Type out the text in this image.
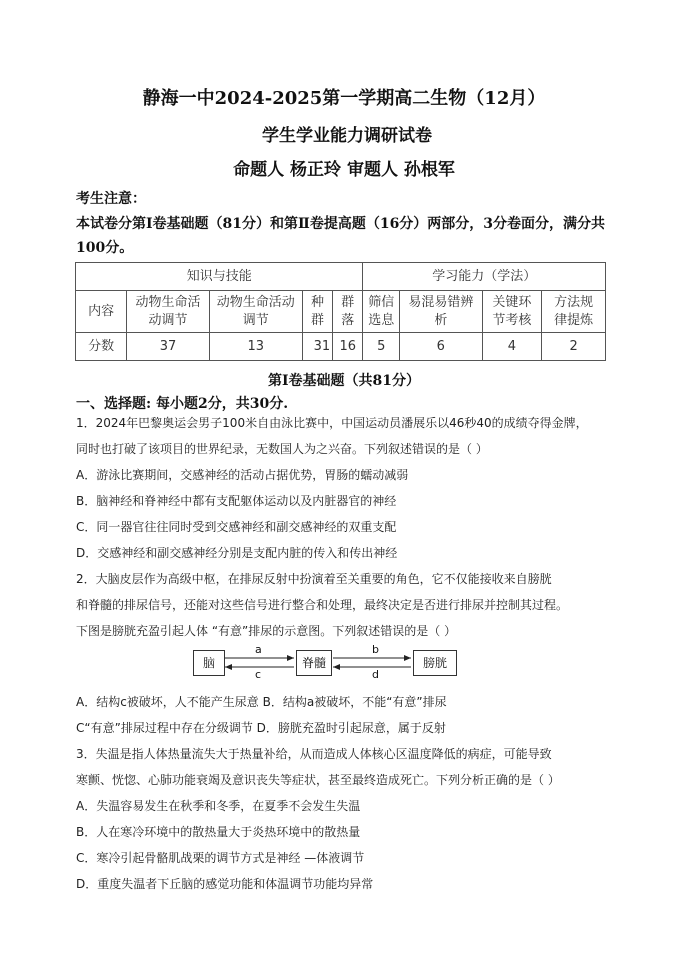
静海一中2024-2025第一学期高二生物（12月）
学生学业能力调研试卷
命题人 杨正玲 审题人 孙根军
考生注意：
本试卷分第Ⅰ卷基础题（81分）和第Ⅱ卷提高题（16分）两部分，3分卷面分，满分共100分。
知识与技能					学习能力（学法）			
内容	动物生命活动调节	动物生命活动调节	种群	群落	筛信选息	易混易错辨析	关键环节考核	方法规律提炼
分数	37	13	31	16	5	6	4	2
第Ⅰ卷基础题（共81分）
一、选择题: 每小题2分，共30分.
1．2024年巴黎奥运会男子100米自由泳比赛中，中国运动员潘展乐以46秒40的成绩夺得金牌，
同时也打破了该项目的世界纪录，无数国人为之兴奋。下列叙述错误的是（ ）
A．游泳比赛期间，交感神经的活动占据优势，胃肠的蠕动减弱
B．脑神经和脊神经中都有支配躯体运动以及内脏器官的神经
C．同一器官往往同时受到交感神经和副交感神经的双重支配
D．交感神经和副交感神经分别是支配内脏的传入和传出神经
2．大脑皮层作为高级中枢，在排尿反射中扮演着至关重要的角色，它不仅能接收来自膀胱
和脊髓的排尿信号，还能对这些信号进行整合和处理，最终决定是否进行排尿并控制其过程。
下图是膀胱充盈引起人体 “有意”排尿的示意图。下列叙述错误的是（ ）
脑	脊髓	膀胱
a
c
b
d
A．结构c被破坏，人不能产生尿意 B．结构a被破坏，不能“有意”排尿
C“有意”排尿过程中存在分级调节 D．膀胱充盈时引起尿意，属于反射
3．失温是指人体热量流失大于热量补给，从而造成人体核心区温度降低的病症，可能导致
寒颤、恍惚、心肺功能衰竭及意识丧失等症状，甚至最终造成死亡。下列分析正确的是（ ）
A．失温容易发生在秋季和冬季，在夏季不会发生失温
B．人在寒冷环境中的散热量大于炎热环境中的散热量
C．寒冷引起骨骼肌战栗的调节方式是神经 —体液调节
D．重度失温者下丘脑的感觉功能和体温调节功能均异常
